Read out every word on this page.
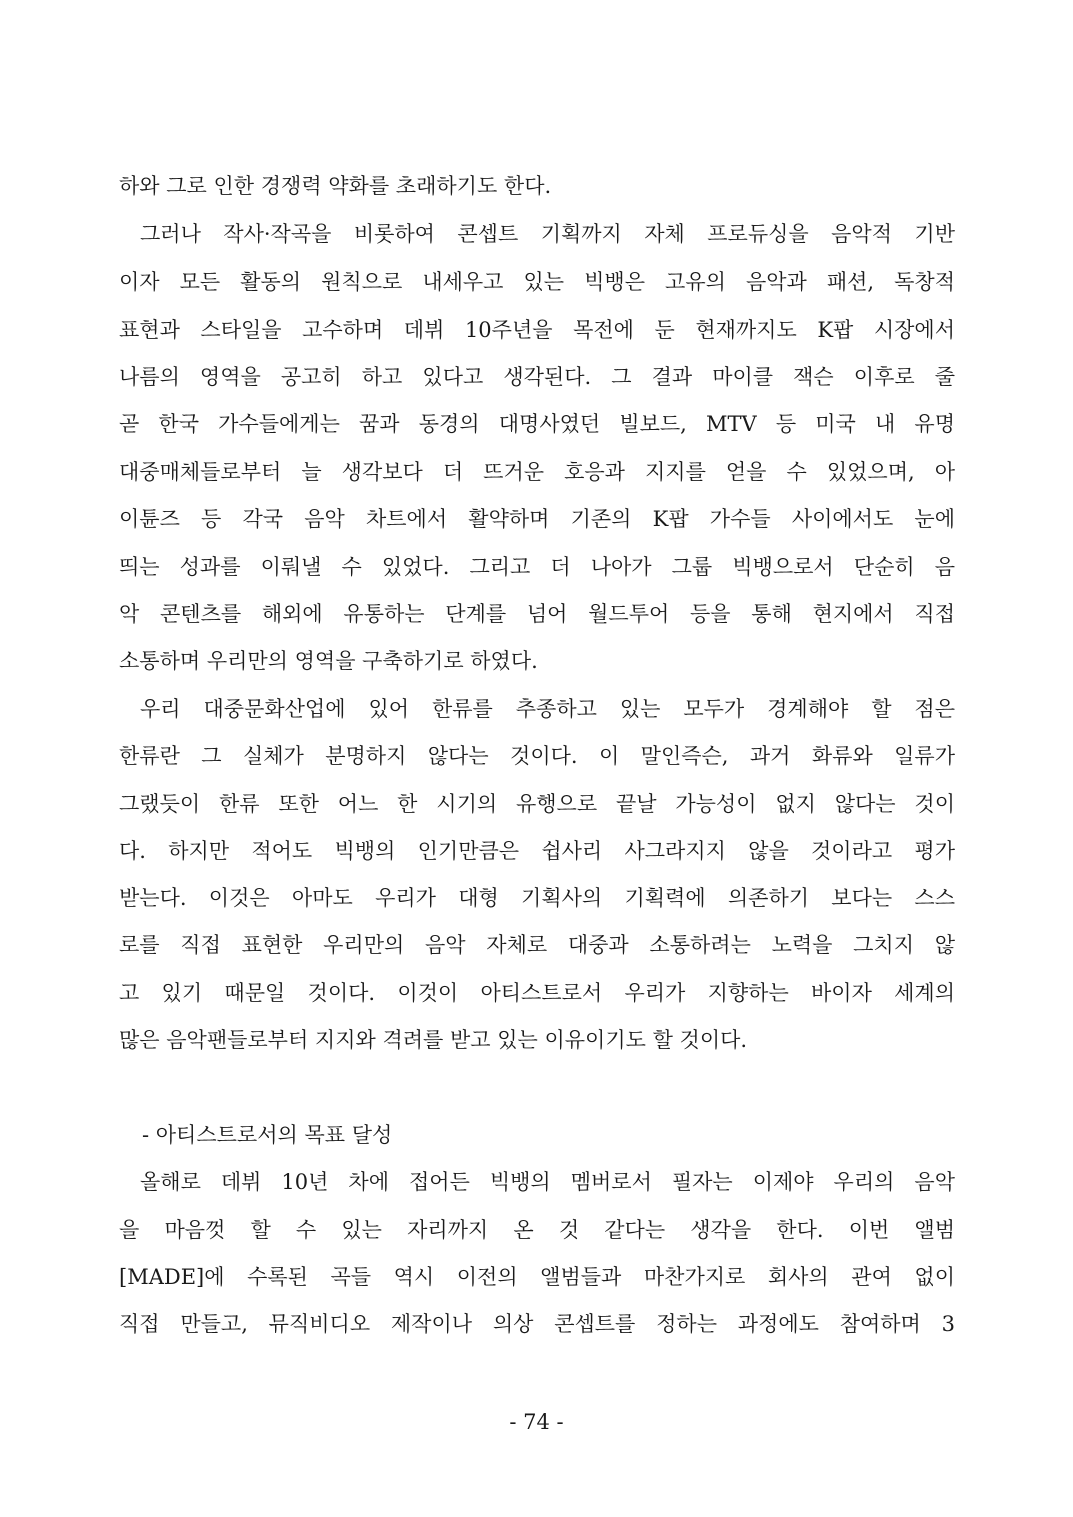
하와 그로 인한 경쟁력 약화를 초래하기도 한다.
그러나 작사·작곡을 비롯하여 콘셉트 기획까지 자체 프로듀싱을 음악적 기반
이자 모든 활동의 원칙으로 내세우고 있는 빅뱅은 고유의 음악과 패션, 독창적
표현과 스타일을 고수하며 데뷔 10주년을 목전에 둔 현재까지도 K팝 시장에서
나름의 영역을 공고히 하고 있다고 생각된다. 그 결과 마이클 잭슨 이후로 줄
곧 한국 가수들에게는 꿈과 동경의 대명사였던 빌보드, MTV 등 미국 내 유명
대중매체들로부터 늘 생각보다 더 뜨거운 호응과 지지를 얻을 수 있었으며, 아
이튠즈 등 각국 음악 차트에서 활약하며 기존의 K팝 가수들 사이에서도 눈에
띄는 성과를 이뤄낼 수 있었다. 그리고 더 나아가 그룹 빅뱅으로서 단순히 음
악 콘텐츠를 해외에 유통하는 단계를 넘어 월드투어 등을 통해 현지에서 직접
소통하며 우리만의 영역을 구축하기로 하였다.
우리 대중문화산업에 있어 한류를 추종하고 있는 모두가 경계해야 할 점은
한류란 그 실체가 분명하지 않다는 것이다. 이 말인즉슨, 과거 화류와 일류가
그랬듯이 한류 또한 어느 한 시기의 유행으로 끝날 가능성이 없지 않다는 것이
다. 하지만 적어도 빅뱅의 인기만큼은 쉽사리 사그라지지 않을 것이라고 평가
받는다. 이것은 아마도 우리가 대형 기획사의 기획력에 의존하기 보다는 스스
로를 직접 표현한 우리만의 음악 자체로 대중과 소통하려는 노력을 그치지 않
고 있기 때문일 것이다. 이것이 아티스트로서 우리가 지향하는 바이자 세계의
많은 음악팬들로부터 지지와 격려를 받고 있는 이유이기도 할 것이다.
- 아티스트로서의 목표 달성
올해로 데뷔 10년 차에 접어든 빅뱅의 멤버로서 필자는 이제야 우리의 음악
을 마음껏 할 수 있는 자리까지 온 것 같다는 생각을 한다. 이번 앨범
[MADE]에 수록된 곡들 역시 이전의 앨범들과 마찬가지로 회사의 관여 없이
직접 만들고, 뮤직비디오 제작이나 의상 콘셉트를 정하는 과정에도 참여하며 3
- 74 -
